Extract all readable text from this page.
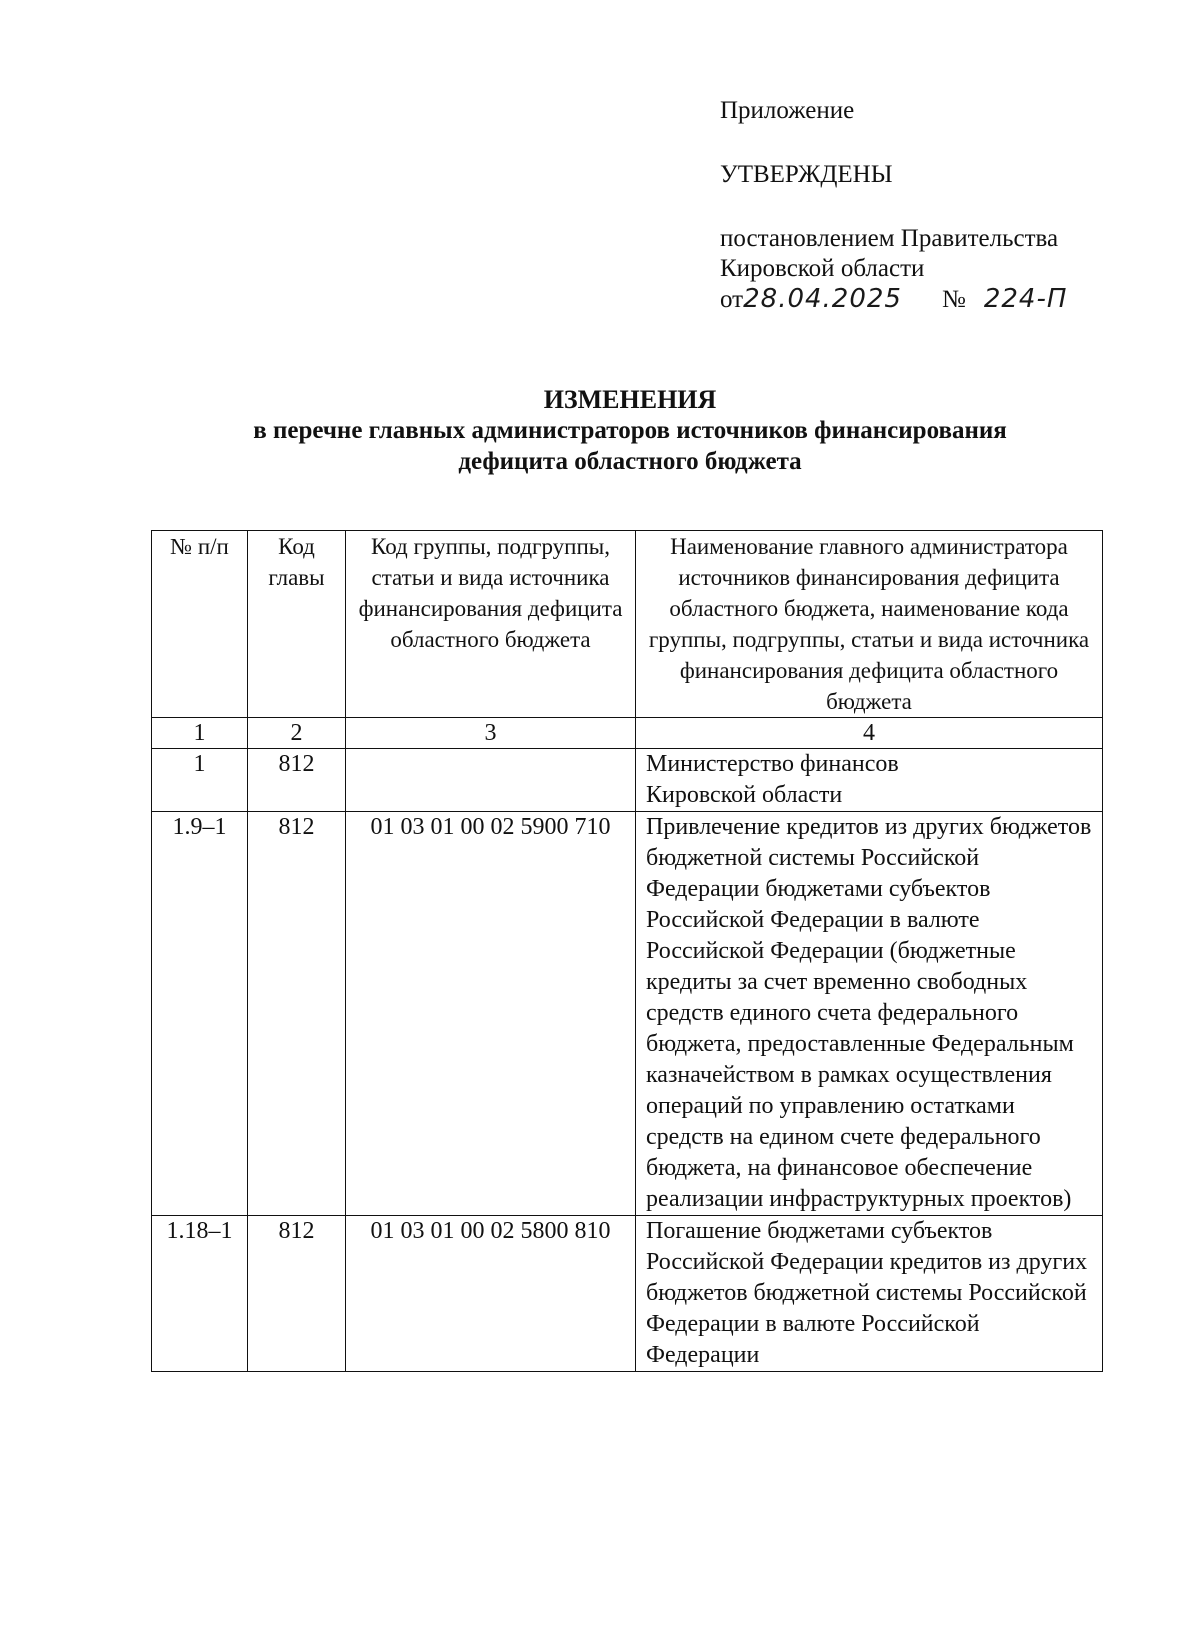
Приложение
УТВЕРЖДЕНЫ
постановлением Правительства
Кировской области
от28.04.2025 № 224-П
ИЗМЕНЕНИЯ
в перечне главных администраторов источников финансирования
дефицита областного бюджета
№ п/п	Код главы	Код группы, подгруппы, статьи и вида источника финансирования дефицита областного бюджета	Наименование главного администратора источников финансирования дефицита областного бюджета, наименование кода группы, подгруппы, статьи и вида источника финансирования дефицита областного бюджета
1	2	3	4
1	812		Министерство финансов Кировской области
1.9–1	812	01 03 01 00 02 5900 710	Привлечение кредитов из других бюджетов бюджетной системы Российской Федерации бюджетами субъектов Российской Федерации в валюте Российской Федерации (бюджетные кредиты за счет временно свободных средств единого счета федерального бюджета, предоставленные Федеральным казначейством в рамках осуществления операций по управлению остатками средств на едином счете федерального бюджета, на финансовое обеспечение реализации инфраструктурных проектов)
1.18–1	812	01 03 01 00 02 5800 810	Погашение бюджетами субъектов Российской Федерации кредитов из других бюджетов бюджетной системы Российской Федерации в валюте Российской Федерации
